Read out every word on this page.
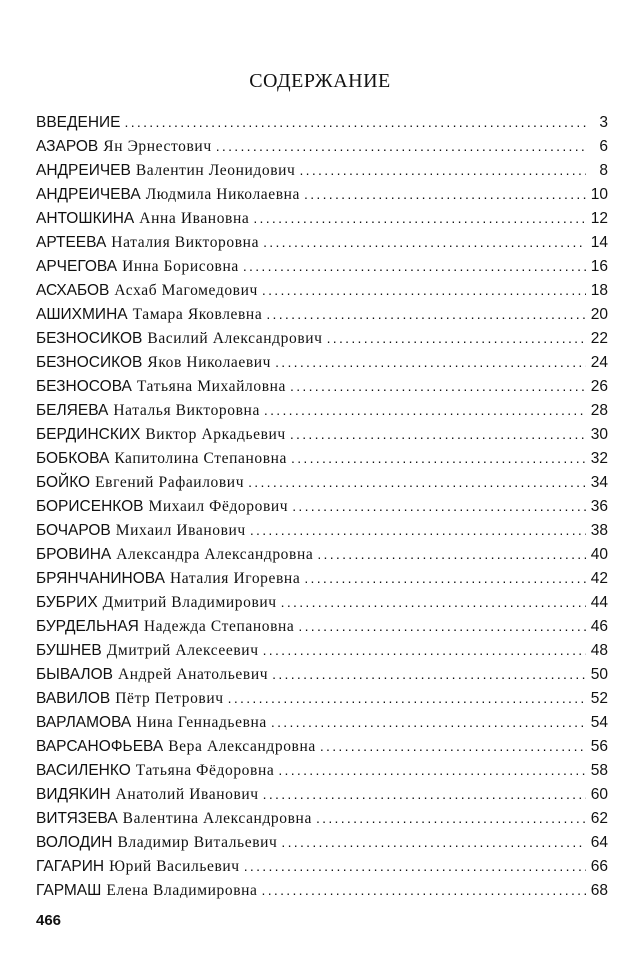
СОДЕРЖАНИЕ
ВВЕДЕНИЕ .....	3
АЗАРОВ Ян Эрнестович .....	6
АНДРЕИЧЕВ Валентин Леонидович .....	8
АНДРЕИЧЕВА Людмила Николаевна .....	10
АНТОШКИНА Анна Ивановна .....	12
АРТЕЕВА Наталия Викторовна .....	14
АРЧЕГОВА Инна Борисовна .....	16
АСХАБОВ Асхаб Магомедович .....	18
АШИХМИНА Тамара Яковлевна .....	20
БЕЗНОСИКОВ Василий Александрович .....	22
БЕЗНОСИКОВ Яков Николаевич .....	24
БЕЗНОСОВА Татьяна Михайловна .....	26
БЕЛЯЕВА Наталья Викторовна .....	28
БЕРДИНСКИХ Виктор Аркадьевич .....	30
БОБКОВА Капитолина Степановна .....	32
БОЙКО Евгений Рафаилович .....	34
БОРИСЕНКОВ Михаил Фёдорович .....	36
БОЧАРОВ Михаил Иванович .....	38
БРОВИНА Александра Александровна .....	40
БРЯНЧАНИНОВА Наталия Игоревна .....	42
БУБРИХ Дмитрий Владимирович .....	44
БУРДЕЛЬНАЯ Надежда Степановна .....	46
БУШНЕВ Дмитрий Алексеевич .....	48
БЫВАЛОВ Андрей Анатольевич .....	50
ВАВИЛОВ Пётр Петрович .....	52
ВАРЛАМОВА Нина Геннадьевна .....	54
ВАРСАНОФЬЕВА Вера Александровна .....	56
ВАСИЛЕНКО Татьяна Фёдоровна .....	58
ВИДЯКИН Анатолий Иванович .....	60
ВИТЯЗЕВА Валентина Александровна .....	62
ВОЛОДИН Владимир Витальевич .....	64
ГАГАРИН Юрий Васильевич .....	66
ГАРМАШ Елена Владимировна .....	68
466
